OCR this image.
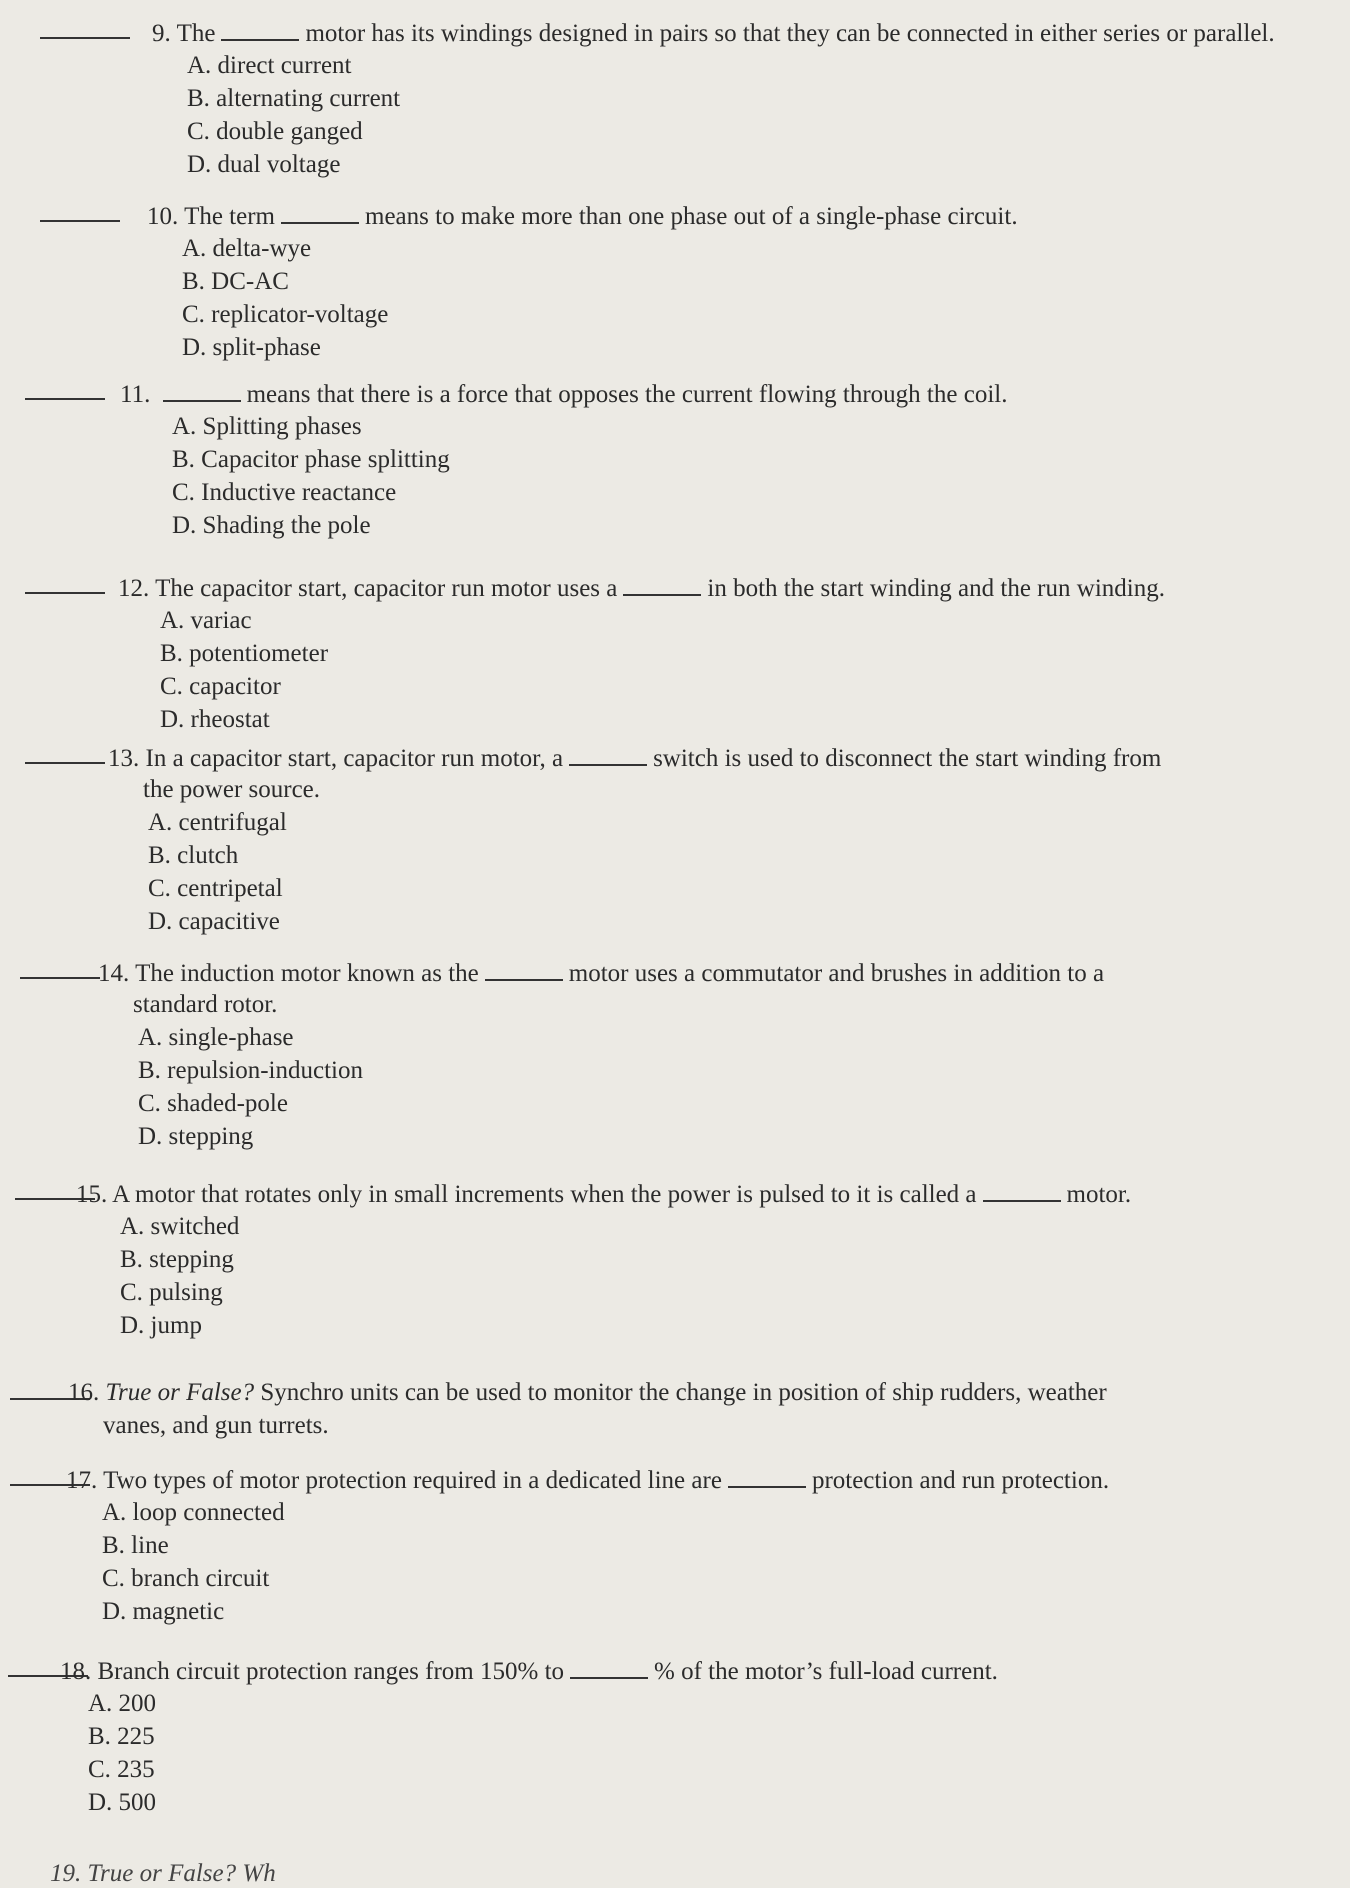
9. The	motor has its windings designed in pairs so that they can be connected in either series or parallel.
A. direct current
B. alternating current
C. double ganged
D. dual voltage
10. The term	means to make more than one phase out of a single-phase circuit.
A. delta-wye
B. DC-AC
C. replicator-voltage
D. split-phase
11.	means that there is a force that opposes the current flowing through the coil.
A. Splitting phases
B. Capacitor phase splitting
C. Inductive reactance
D. Shading the pole
12. The capacitor start, capacitor run motor uses a	in both the start winding and the run winding.
A. variac
B. potentiometer
C. capacitor
D. rheostat
13. In a capacitor start, capacitor run motor, a	switch is used to disconnect the start winding from
the power source.
A. centrifugal
B. clutch
C. centripetal
D. capacitive
14. The induction motor known as the	motor uses a commutator and brushes in addition to a
standard rotor.
A. single-phase
B. repulsion-induction
C. shaded-pole
D. stepping
15. A motor that rotates only in small increments when the power is pulsed to it is called a	motor.
A. switched
B. stepping
C. pulsing
D. jump
16. True or False? Synchro units can be used to monitor the change in position of ship rudders, weather
vanes, and gun turrets.
17. Two types of motor protection required in a dedicated line are	protection and run protection.
A. loop connected
B. line
C. branch circuit
D. magnetic
18. Branch circuit protection ranges from 150% to	% of the motor’s full-load current.
A. 200
B. 225
C. 235
D. 500
19. True or False? Wh
